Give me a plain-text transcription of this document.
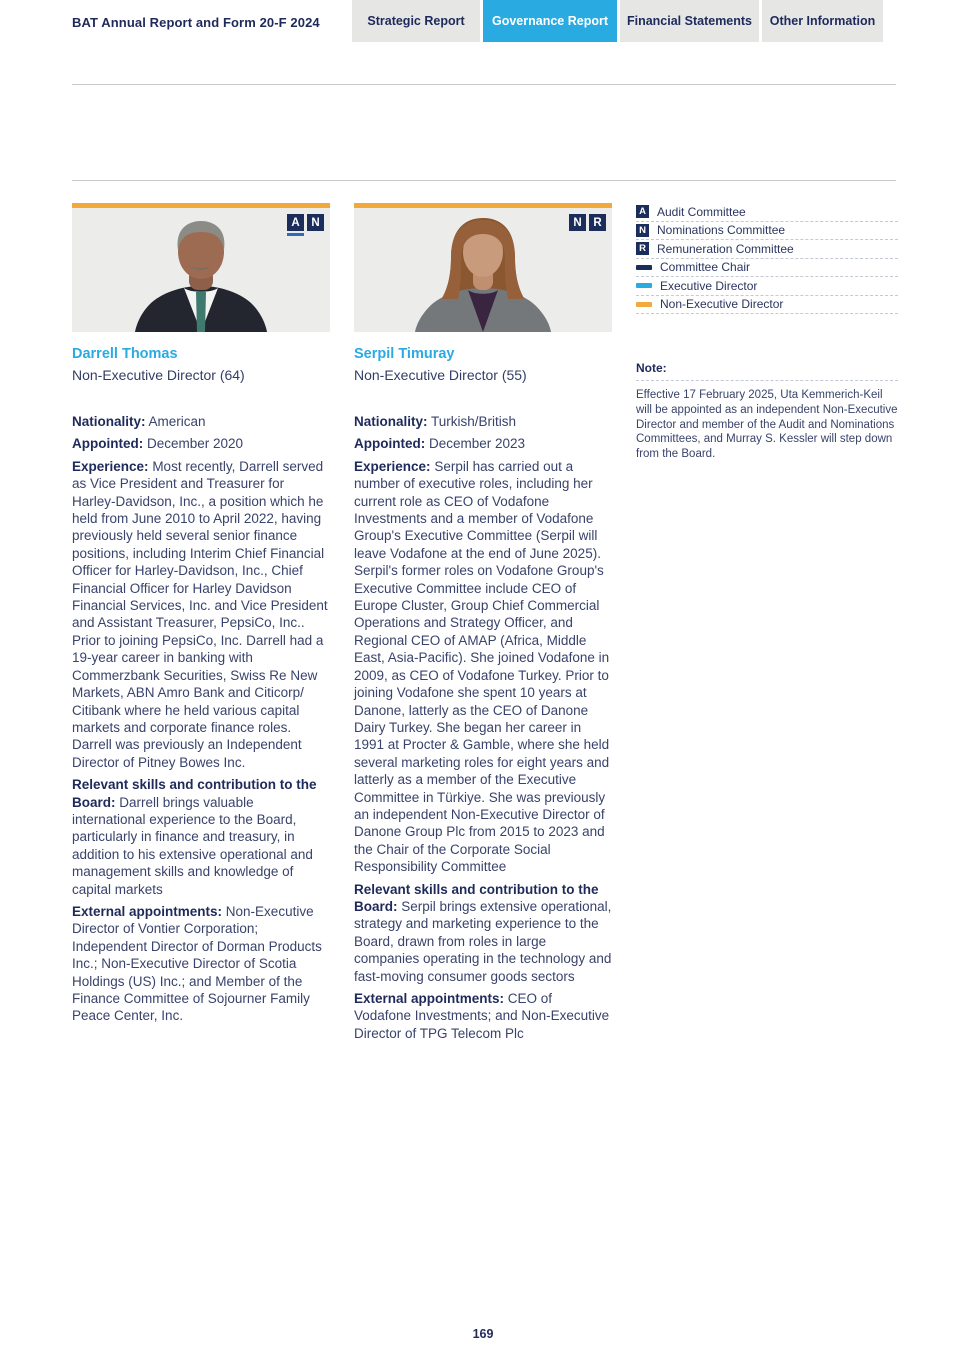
BAT Annual Report and Form 20-F 2024	Strategic Report	Governance Report	Financial Statements	Other Information
A	N
Darrell Thomas
Non-Executive Director (64)

Nationality: American

Appointed: December 2020

Experience: Most recently, Darrell served as Vice President and Treasurer for Harley-Davidson, Inc., a position which he held from June 2010 to April 2022, having previously held several senior finance positions, including Interim Chief Financial Officer for Harley-Davidson, Inc., Chief Financial Officer for Harley Davidson Financial Services, Inc. and Vice President and Assistant Treasurer, PepsiCo, Inc.. Prior to joining PepsiCo, Inc. Darrell had a 19-year career in banking with Commerzbank Securities, Swiss Re New Markets, ABN Amro Bank and Citicorp/ Citibank where he held various capital markets and corporate finance roles. Darrell was previously an Independent Director of Pitney Bowes Inc.

Relevant skills and contribution to the Board: Darrell brings valuable international experience to the Board, particularly in finance and treasury, in addition to his extensive operational and management skills and knowledge of capital markets

External appointments: Non-Executive Director of Vontier Corporation; Independent Director of Dorman Products Inc.; Non-Executive Director of Scotia Holdings (US) Inc.; and Member of the Finance Committee of Sojourner Family Peace Center, Inc.

N	R
Serpil Timuray
Non-Executive Director (55)

Nationality: Turkish/British

Appointed: December 2023

Experience: Serpil has carried out a number of executive roles, including her current role as CEO of Vodafone Investments and a member of Vodafone Group's Executive Committee (Serpil will leave Vodafone at the end of June 2025). Serpil's former roles on Vodafone Group's Executive Committee include CEO of Europe Cluster, Group Chief Commercial Operations and Strategy Officer, and Regional CEO of AMAP (Africa, Middle East, Asia-Pacific). She joined Vodafone in 2009, as CEO of Vodafone Turkey. Prior to joining Vodafone she spent 10 years at Danone, latterly as the CEO of Danone Dairy Turkey. She began her career in 1991 at Procter & Gamble, where she held several marketing roles for eight years and latterly as a member of the Executive Committee in Türkiye. She was previously an independent Non-Executive Director of Danone Group Plc from 2015 to 2023 and the Chair of the Corporate Social Responsibility Committee

Relevant skills and contribution to the Board: Serpil brings extensive operational, strategy and marketing experience to the Board, drawn from roles in large companies operating in the technology and fast-moving consumer goods sectors

External appointments: CEO of Vodafone Investments; and Non-Executive Director of TPG Telecom Plc

A Audit Committee
N Nominations Committee
R Remuneration Committee
Committee Chair
Executive Director
Non-Executive Director
Note:
Effective 17 February 2025, Uta Kemmerich-Keil will be appointed as an independent Non-Executive Director and member of the Audit and Nominations Committees, and Murray S. Kessler will step down from the Board.
169
